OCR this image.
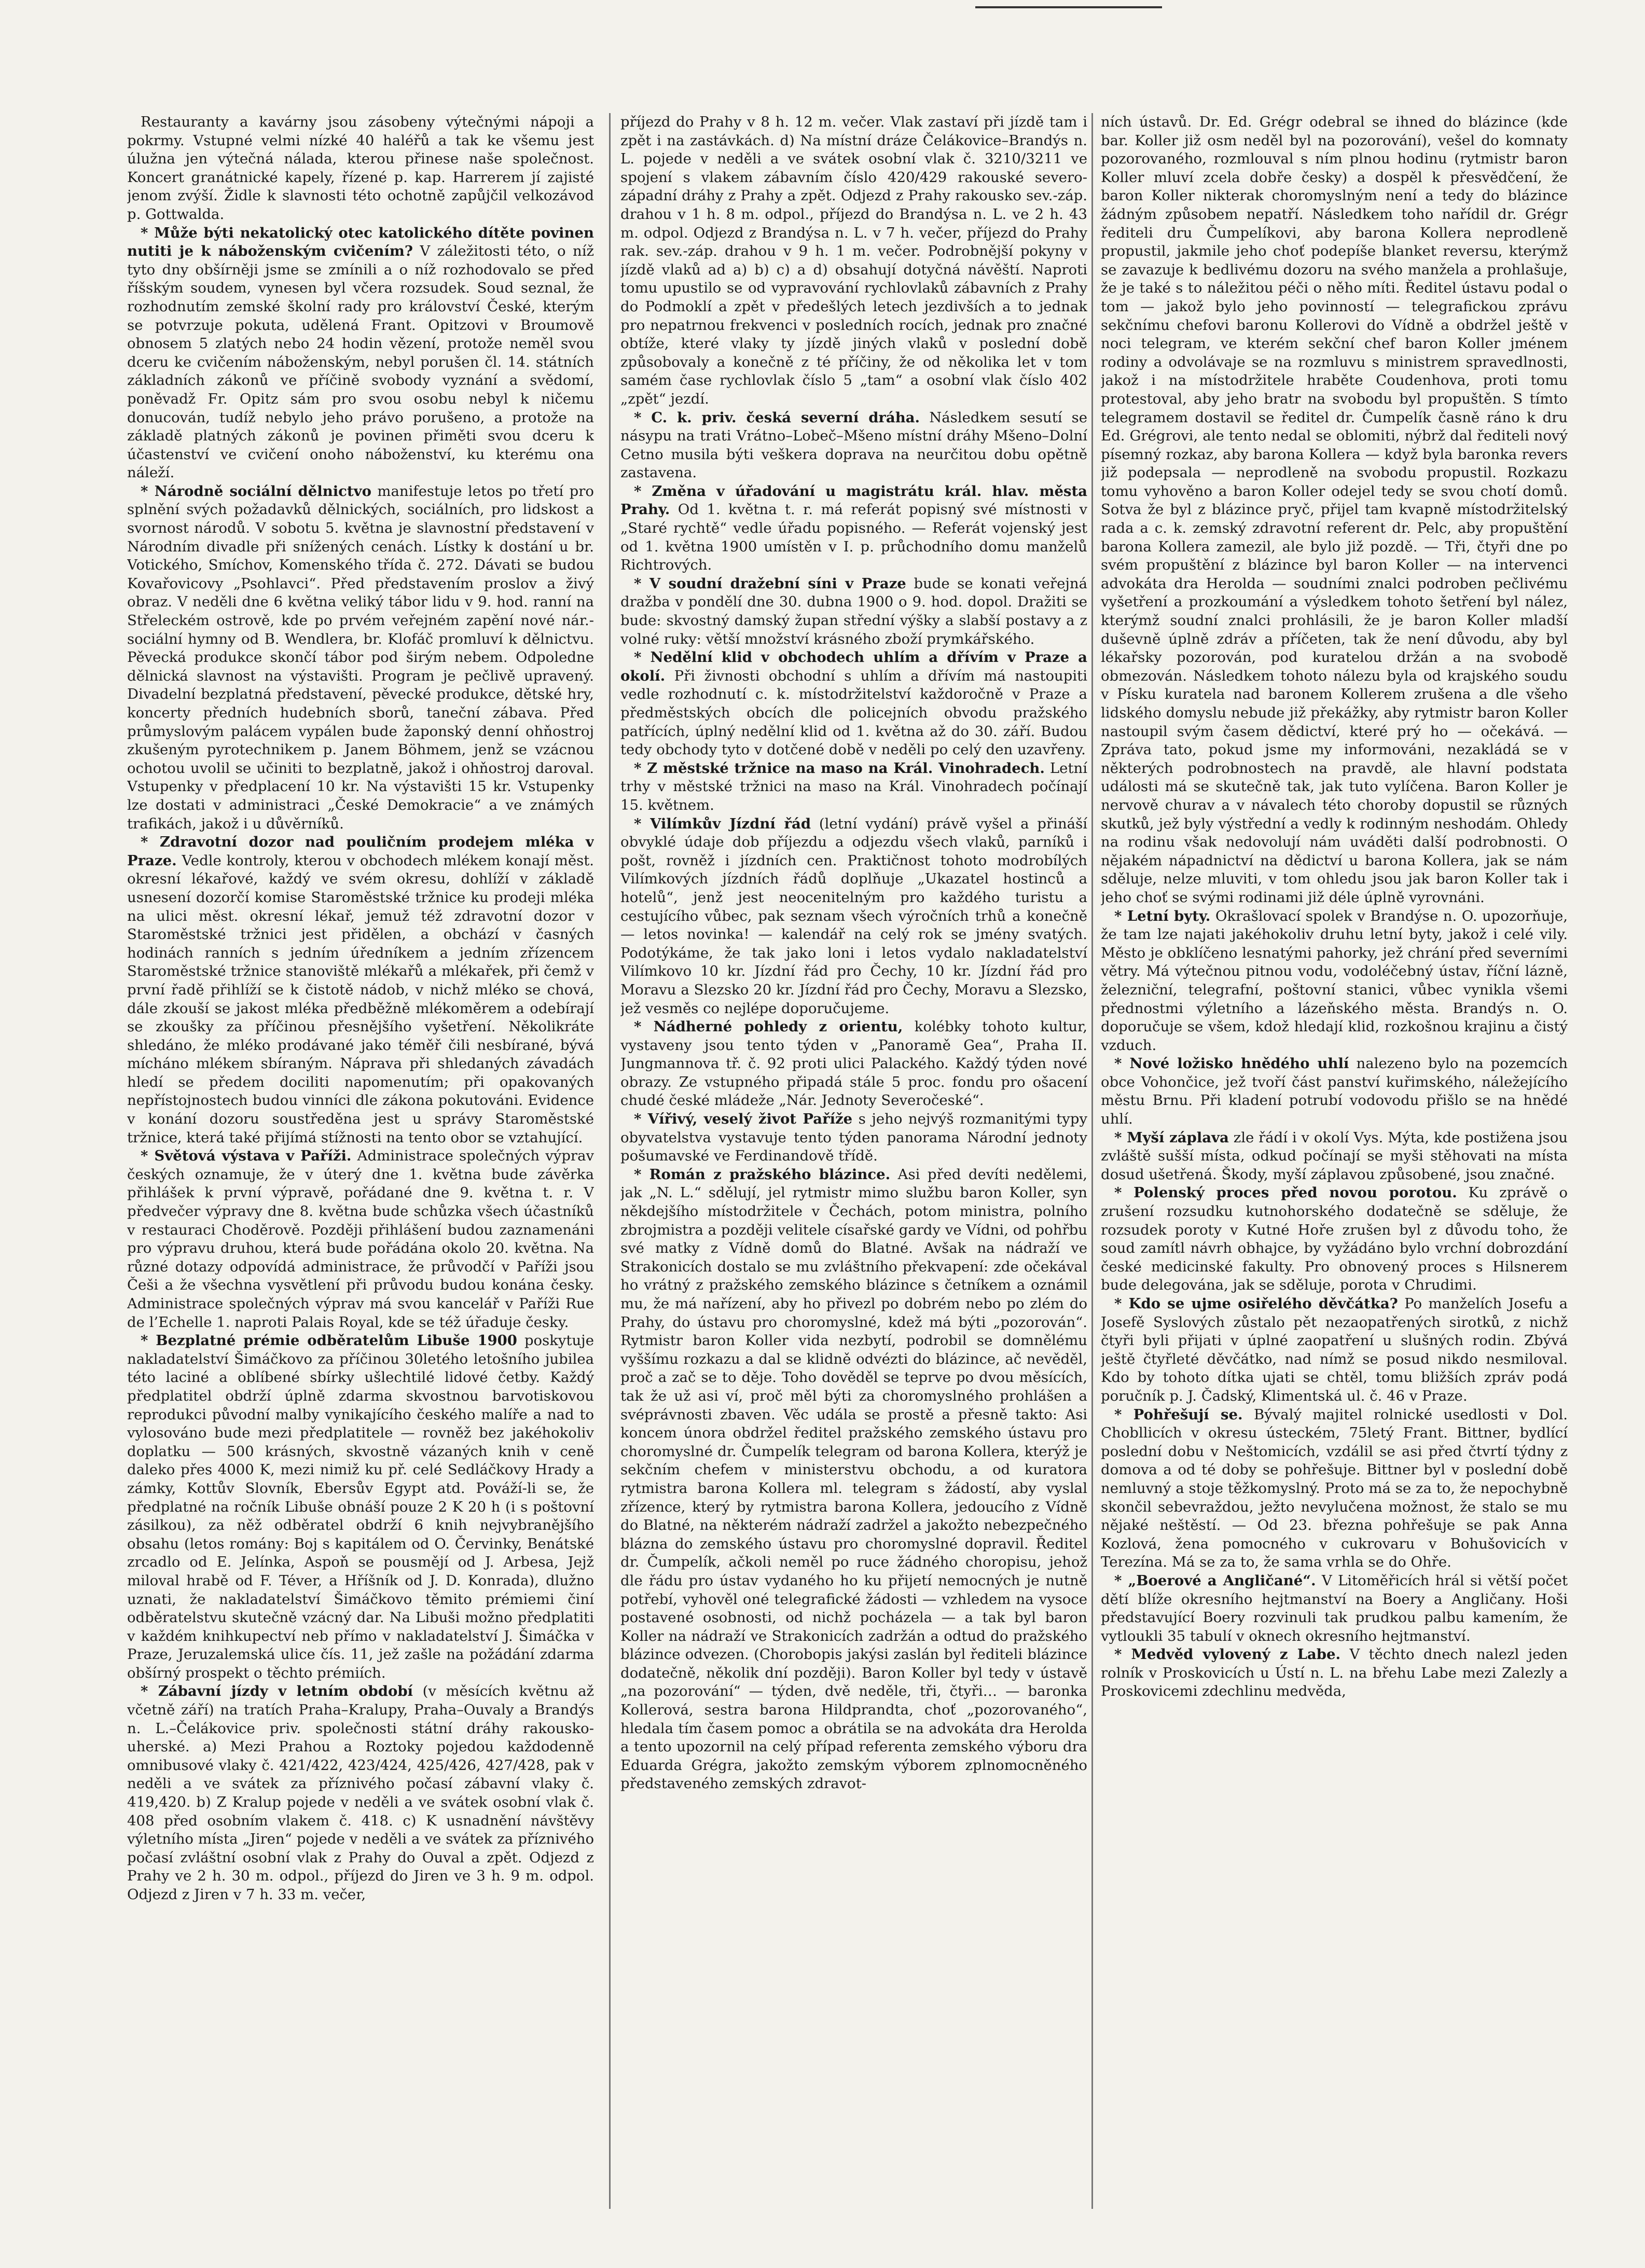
Restauranty a kavárny jsou zásobeny výtečnými nápoji a pokrmy. Vstupné velmi nízké 40 haléřů a tak ke všemu jest úlužna jen výtečná nálada, kterou přinese naše společnost. Koncert granátnické kapely, řízené p. kap. Harrerem jí zajisté jenom zvýší. Židle k slavnosti této ochotně zapůjčil velkozávod p. Gottwalda.

* Může býti nekatolický otec katolického dítěte povinen nutiti je k náboženským cvičením? V záležitosti této, o níž tyto dny obšírněji jsme se zmínili a o níž rozhodovalo se před říšským soudem, vynesen byl včera rozsudek. Soud seznal, že rozhodnutím zemské školní rady pro království České, kterým se potvrzuje pokuta, udělená Frant. Opitzovi v Broumově obnosem 5 zlatých nebo 24 hodin vězení, protože neměl svou dceru ke cvičením náboženským, nebyl porušen čl. 14. státních základních zákonů ve příčině svobody vyznání a svědomí, poněvadž Fr. Opitz sám pro svou osobu nebyl k ničemu donucován, tudíž nebylo jeho právo porušeno, a protože na základě platných zákonů je povinen přiměti svou dceru k účastenství ve cvičení onoho náboženství, ku kterému ona náleží.

* Národně sociální dělnictvo manifestuje letos po třetí pro splnění svých požadavků dělnických, sociálních, pro lidskost a svornost národů. V sobotu 5. května je slavnostní představení v Národním divadle při snížených cenách. Lístky k dostání u br. Votického, Smíchov, Komenského třída č. 272. Dávati se budou Kovařovicovy „Psohlavci“. Před představením proslov a živý obraz. V neděli dne 6 května veliký tábor lidu v 9. hod. ranní na Střeleckém ostrově, kde po prvém veřejném zapění nové nár.-sociální hymny od B. Wendlera, br. Klofáč promluví k dělnictvu. Pěvecká produkce skončí tábor pod širým nebem. Odpoledne dělnická slavnost na výstavišti. Program je pečlivě upravený. Divadelní bezplatná představení, pěvecké produkce, dětské hry, koncerty předních hudebních sborů, taneční zábava. Před průmyslovým palácem vypálen bude žaponský denní ohňostroj zkušeným pyrotechnikem p. Janem Böhmem, jenž se vzácnou ochotou uvolil se učiniti to bezplatně, jakož i ohňostroj daroval. Vstupenky v předplacení 10 kr. Na výstavišti 15 kr. Vstupenky lze dostati v administraci „České Demokracie“ a ve známých trafikách, jakož i u důvěrníků.

* Zdravotní dozor nad pouličním prodejem mléka v Praze. Vedle kontroly, kterou v obchodech mlékem konají měst. okresní lékařové, každý ve svém okresu, dohlíží v základě usnesení dozorčí komise Staroměstské tržnice ku prodeji mléka na ulici měst. okresní lékař, jemuž též zdravotní dozor v Staroměstské tržnici jest přidělen, a obchází v časných hodinách ranních s jedním úředníkem a jedním zřízencem Staroměstské tržnice stanoviště mlékařů a mlékařek, při čemž v první řadě přihlíží se k čistotě nádob, v nichž mléko se chová, dále zkouší se jakost mléka předběžně mlékoměrem a odebírají se zkoušky za příčinou přesnějšího vyšetření. Několikráte shledáno, že mléko prodávané jako téměř čili nesbírané, bývá mícháno mlékem sbíraným. Náprava při shledaných závadách hledí se předem dociliti napomenutím; při opakovaných nepřístojnostech budou vinníci dle zákona pokutováni. Evidence v konání dozoru soustředěna jest u správy Staroměstské tržnice, která také přijímá stížnosti na tento obor se vztahující.

* Světová výstava v Paříži. Administrace společných výprav českých oznamuje, že v úterý dne 1. května bude závěrka přihlášek k první výpravě, pořádané dne 9. května t. r. V předvečer výpravy dne 8. května bude schůzka všech účastníků v restauraci Choděrově. Později přihlášení budou zaznamenáni pro výpravu druhou, která bude pořádána okolo 20. května. Na různé dotazy odpovídá administrace, že průvodčí v Paříži jsou Češi a že všechna vysvětlení při průvodu budou konána česky. Administrace společných výprav má svou kancelář v Paříži Rue de l’Echelle 1. naproti Palais Royal, kde se též úřaduje česky.

* Bezplatné prémie odběratelům Libuše 1900 poskytuje nakladatelství Šimáčkovo za příčinou 30letého letošního jubilea této laciné a oblíbené sbírky ušlechtilé lidové četby. Každý předplatitel obdrží úplně zdarma skvostnou barvotiskovou reprodukci původní malby vynikajícího českého malíře a nad to vylosováno bude mezi předplatitele — rovněž bez jakéhokoliv doplatku — 500 krásných, skvostně vázaných knih v ceně daleko přes 4000 K, mezi nimiž ku př. celé Sedláčkovy Hrady a zámky, Kottův Slovník, Ebersův Egypt atd. Pováží-li se, že předplatné na ročník Libuše obnáší pouze 2 K 20 h (i s poštovní zásilkou), za něž odběratel obdrží 6 knih nejvybranějšího obsahu (letos romány: Boj s kapitálem od O. Červinky, Benátské zrcadlo od E. Jelínka, Aspoň se pousmějí od J. Arbesa, Jejž miloval hrabě od F. Téver, a Hříšník od J. D. Konrada), dlužno uznati, že nakladatelství Šimáčkovo těmito prémiemi činí odběratelstvu skutečně vzácný dar. Na Libuši možno předplatiti v každém knihkupectví neb přímo v nakladatelství J. Šimáčka v Praze, Jeruzalemská ulice čís. 11, jež zašle na požádání zdarma obšírný prospekt o těchto prémiích.

* Zábavní jízdy v letním období (v měsících květnu až včetně září) na tratích Praha–Kralupy, Praha–Ouvaly a Brandýs n. L.–Čelákovice priv. společnosti státní dráhy rakousko-uherské. a) Mezi Prahou a Roztoky pojedou každodenně omnibusové vlaky č. 421/422, 423/424, 425/426, 427/428, pak v neděli a ve svátek za příznivého počasí zábavní vlaky č. 419,420. b) Z Kralup pojede v neděli a ve svátek osobní vlak č. 408 před osobním vlakem č. 418. c) K usnadnění návštěvy výletního místa „Jiren“ pojede v neděli a ve svátek za příznivého počasí zvláštní osobní vlak z Prahy do Ouval a zpět. Odjezd z Prahy ve 2 h. 30 m. odpol., příjezd do Jiren ve 3 h. 9 m. odpol. Odjezd z Jiren v 7 h. 33 m. večer,

příjezd do Prahy v 8 h. 12 m. večer. Vlak zastaví při jízdě tam i zpět i na zastávkách. d) Na místní dráze Čelákovice–Brandýs n. L. pojede v neděli a ve svátek osobní vlak č. 3210/3211 ve spojení s vlakem zábavním číslo 420/429 rakouské severo-západní dráhy z Prahy a zpět. Odjezd z Prahy rakousko sev.-záp. drahou v 1 h. 8 m. odpol., příjezd do Brandýsa n. L. ve 2 h. 43 m. odpol. Odjezd z Brandýsa n. L. v 7 h. večer, příjezd do Prahy rak. sev.-záp. drahou v 9 h. 1 m. večer. Podrobnější pokyny v jízdě vlaků ad a) b) c) a d) obsahují dotyčná návěští. Naproti tomu upustilo se od vypravování rychlovlaků zábavních z Prahy do Podmoklí a zpět v předešlých letech jezdivších a to jednak pro nepatrnou frekvenci v posledních rocích, jednak pro značné obtíže, které vlaky ty jízdě jiných vlaků v poslední době způsobovaly a konečně z té příčiny, že od několika let v tom samém čase rychlovlak číslo 5 „tam“ a osobní vlak číslo 402 „zpět“ jezdí.

* C. k. priv. česká severní dráha. Následkem sesutí se násypu na trati Vrátno–Lobeč–Mšeno místní dráhy Mšeno–Dolní Cetno musila býti veškera doprava na neurčitou dobu opětně zastavena.

* Změna v úřadování u magistrátu král. hlav. města Prahy. Od 1. května t. r. má referát popisný své místnosti v „Staré rychtě“ vedle úřadu popisného. — Referát vojenský jest od 1. května 1900 umístěn v I. p. průchodního domu manželů Richtrových.

* V soudní dražební síni v Praze bude se konati veřejná dražba v pondělí dne 30. dubna 1900 o 9. hod. dopol. Dražiti se bude: skvostný damský župan střední výšky a slabší postavy a z volné ruky: větší množství krásného zboží prymkářského.

* Nedělní klid v obchodech uhlím a dřívím v Praze a okolí. Při živnosti obchodní s uhlím a dřívím má nastoupiti vedle rozhodnutí c. k. místodržitelství každoročně v Praze a předměstských obcích dle policejních obvodu pražského patřících, úplný nedělní klid od 1. května až do 30. září. Budou tedy obchody tyto v dotčené době v neděli po celý den uzavřeny.

* Z městské tržnice na maso na Král. Vinohradech. Letní trhy v městské tržnici na maso na Král. Vinohradech počínají 15. květnem.

* Vilímkův Jízdní řád (letní vydání) právě vyšel a přináší obvyklé údaje dob příjezdu a odjezdu všech vlaků, parníků i pošt, rovněž i jízdních cen. Praktičnost tohoto modrobílých Vilímkových jízdních řádů doplňuje „Ukazatel hostinců a hotelů“, jenž jest neocenitelným pro každého turistu a cestujícího vůbec, pak seznam všech výročních trhů a konečně — letos novinka! — kalendář na celý rok se jmény svatých. Podotýkáme, že tak jako loni i letos vydalo nakladatelství Vilímkovo 10 kr. Jízdní řád pro Čechy, 10 kr. Jízdní řád pro Moravu a Slezsko 20 kr. Jízdní řád pro Čechy, Moravu a Slezsko, jež vesměs co nejlépe doporučujeme.

* Nádherné pohledy z orientu, kolébky tohoto kultur, vystaveny jsou tento týden v „Panoramě Gea“, Praha II. Jungmannova tř. č. 92 proti ulici Palackého. Každý týden nové obrazy. Ze vstupného připadá stále 5 proc. fondu pro ošacení chudé české mládeže „Nár. Jednoty Severočeské“.

* Vířivý, veselý život Paříže s jeho nejvýš rozmanitými typy obyvatelstva vystavuje tento týden panorama Národní jednoty pošumavské ve Ferdinandově třídě.

* Román z pražského blázince. Asi před devíti nedělemi, jak „N. L.“ sdělují, jel rytmistr mimo službu baron Koller, syn někdejšího místodržitele v Čechách, potom ministra, polního zbrojmistra a později velitele císařské gardy ve Vídni, od pohřbu své matky z Vídně domů do Blatné. Avšak na nádraží ve Strakonicích dostalo se mu zvláštního překvapení: zde očekával ho vrátný z pražského zemského blázince s četníkem a oznámil mu, že má nařízení, aby ho přivezl po dobrém nebo po zlém do Prahy, do ústavu pro choromyslné, kdež má býti „pozorován“. Rytmistr baron Koller vida nezbytí, podrobil se domnělému vyššímu rozkazu a dal se klidně odvézti do blázince, ač nevěděl, proč a zač se to děje. Toho dověděl se teprve po dvou měsících, tak že už asi ví, proč měl býti za choromyslného prohlášen a svéprávnosti zbaven. Věc udála se prostě a přesně takto: Asi koncem února obdržel ředitel pražského zemského ústavu pro choromyslné dr. Čumpelík telegram od barona Kollera, kterýž je sekčním chefem v ministerstvu obchodu, a od kuratora rytmistra barona Kollera ml. telegram s žádostí, aby vyslal zřízence, který by rytmistra barona Kollera, jedoucího z Vídně do Blatné, na některém nádraží zadržel a jakožto nebezpečného blázna do zemského ústavu pro choromyslné dopravil. Ředitel dr. Čumpelík, ačkoli neměl po ruce žádného choropisu, jehož dle řádu pro ústav vydaného ho ku přijetí nemocných je nutně potřebí, vyhověl oné telegrafické žádosti — vzhledem na vysoce postavené osobnosti, od nichž pocházela — a tak byl baron Koller na nádraží ve Strakonicích zadržán a odtud do pražského blázince odvezen. (Chorobopis jakýsi zaslán byl řediteli blázince dodatečně, několik dní později). Baron Koller byl tedy v ústavě „na pozorování“ — týden, dvě neděle, tři, čtyři… — baronka Kollerová, sestra barona Hildprandta, choť „pozorovaného“, hledala tím časem pomoc a obrátila se na advokáta dra Herolda a tento upozornil na celý případ referenta zemského výboru dra Eduarda Grégra, jakožto zemským výborem zplnomocněného představeného zemských zdravot-

ních ústavů. Dr. Ed. Grégr odebral se ihned do blázince (kde bar. Koller již osm neděl byl na pozorování), vešel do komnaty pozorovaného, rozmlouval s ním plnou hodinu (rytmistr baron Koller mluví zcela dobře česky) a dospěl k přesvědčení, že baron Koller nikterak choromyslným není a tedy do blázince žádným způsobem nepatří. Následkem toho nařídil dr. Grégr řediteli dru Čumpelíkovi, aby barona Kollera neprodleně propustil, jakmile jeho choť podepíše blanket reversu, kterýmž se zavazuje k bedlivému dozoru na svého manžela a prohlašuje, že je také s to náležitou péči o něho míti. Ředitel ústavu podal o tom — jakož bylo jeho povinností — telegrafickou zprávu sekčnímu chefovi baronu Kollerovi do Vídně a obdržel ještě v noci telegram, ve kterém sekční chef baron Koller jménem rodiny a odvolávaje se na rozmluvu s ministrem spravedlnosti, jakož i na místodržitele hraběte Coudenhova, proti tomu protestoval, aby jeho bratr na svobodu byl propuštěn. S tímto telegramem dostavil se ředitel dr. Čumpelík časně ráno k dru Ed. Grégrovi, ale tento nedal se oblomiti, nýbrž dal řediteli nový písemný rozkaz, aby barona Kollera — když byla baronka revers již podepsala — neprodleně na svobodu propustil. Rozkazu tomu vyhověno a baron Koller odejel tedy se svou chotí domů. Sotva že byl z blázince pryč, přijel tam kvapně místodržitelský rada a c. k. zemský zdravotní referent dr. Pelc, aby propuštění barona Kollera zamezil, ale bylo již pozdě. — Tři, čtyři dne po svém propuštění z blázince byl baron Koller — na intervenci advokáta dra Herolda — soudními znalci podroben pečlivému vyšetření a prozkoumání a výsledkem tohoto šetření byl nález, kterýmž soudní znalci prohlásili, že je baron Koller mladší duševně úplně zdráv a příčeten, tak že není důvodu, aby byl lékařsky pozorován, pod kuratelou držán a na svobodě obmezován. Následkem tohoto nálezu byla od krajského soudu v Písku kuratela nad baronem Kollerem zrušena a dle všeho lidského domyslu nebude již překážky, aby rytmistr baron Koller nastoupil svým časem dědictví, které prý ho — očekává. — Zpráva tato, pokud jsme my informováni, nezakládá se v některých podrobnostech na pravdě, ale hlavní podstata události má se skutečně tak, jak tuto vylíčena. Baron Koller je nervově churav a v návalech této choroby dopustil se různých skutků, jež byly výstřední a vedly k rodinným neshodám. Ohledy na rodinu však nedovolují nám uváděti další podrobnosti. O nějakém nápadnictví na dědictví u barona Kollera, jak se nám sděluje, nelze mluviti, v tom ohledu jsou jak baron Koller tak i jeho choť se svými rodinami již déle úplně vyrovnáni.

* Letní byty. Okrašlovací spolek v Brandýse n. O. upozorňuje, že tam lze najati jakéhokoliv druhu letní byty, jakož i celé vily. Město je obklíčeno lesnatými pahorky, jež chrání před severními větry. Má výtečnou pitnou vodu, vodoléčebný ústav, říční lázně, železniční, telegrafní, poštovní stanici, vůbec vynikla všemi přednostmi výletního a lázeňského města. Brandýs n. O. doporučuje se všem, kdož hledají klid, rozkošnou krajinu a čistý vzduch.

* Nové ložisko hnědého uhlí nalezeno bylo na pozemcích obce Vohončice, jež tvoří část panství kuřimského, náležejícího městu Brnu. Při kladení potrubí vodovodu přišlo se na hnědé uhlí.

* Myší záplava zle řádí i v okolí Vys. Mýta, kde postižena jsou zvláště sušší místa, odkud počínají se myši stěhovati na místa dosud ušetřená. Škody, myší záplavou způsobené, jsou značné.

* Polenský proces před novou porotou. Ku zprávě o zrušení rozsudku kutnohorského dodatečně se sděluje, že rozsudek poroty v Kutné Hoře zrušen byl z důvodu toho, že soud zamítl návrh obhajce, by vyžádáno bylo vrchní dobrozdání české medicinské fakulty. Pro obnovený proces s Hilsnerem bude delegována, jak se sděluje, porota v Chrudimi.

* Kdo se ujme osiřelého děvčátka? Po manželích Josefu a Josefě Syslových zůstalo pět nezaopatřených sirotků, z nichž čtyři byli přijati v úplné zaopatření u slušných rodin. Zbývá ještě čtyřleté děvčátko, nad nímž se posud nikdo nesmiloval. Kdo by tohoto dítka ujati se chtěl, tomu bližších zpráv podá poručník p. J. Čadský, Klimentská ul. č. 46 v Praze.

* Pohřešují se. Bývalý majitel rolnické usedlosti v Dol. Chobllicích v okresu ústeckém, 75letý Frant. Bittner, bydlící poslední dobu v Neštomicích, vzdálil se asi před čtvrtí týdny z domova a od té doby se pohřešuje. Bittner byl v poslední době nemluvný a stoje těžkomyslný. Proto má se za to, že nepochybně skončil sebevraždou, ježto nevylučena možnost, že stalo se mu nějaké neštěstí. — Od 23. března pohřešuje se pak Anna Kozlová, žena pomocného v cukrovaru v Bohušovicích v Terezína. Má se za to, že sama vrhla se do Ohře.

* „Boerové a Angličané“. V Litoměřicích hrál si větší počet dětí blíže okresního hejtmanství na Boery a Angličany. Hoši představující Boery rozvinuli tak prudkou palbu kamením, že vytloukli 35 tabulí v oknech okresního hejtmanství.

* Medvěd vylovený z Labe. V těchto dnech nalezl jeden rolník v Proskovicích u Ústí n. L. na břehu Labe mezi Zalezly a Proskovicemi zdechlinu medvěda,
